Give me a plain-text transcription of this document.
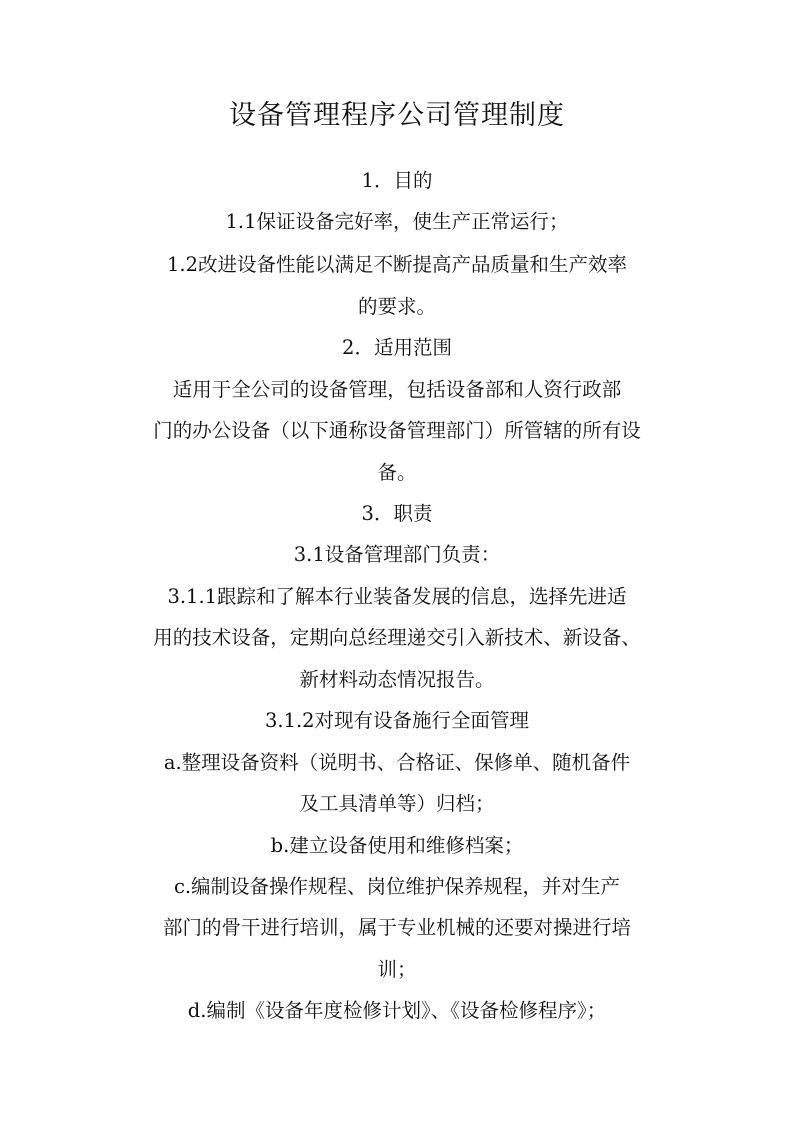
设备管理程序公司管理制度
1．目的
1.1保证设备完好率，使生产正常运行；
1.2改进设备性能以满足不断提高产品质量和生产效率
的要求。
2．适用范围
适用于全公司的设备管理，包括设备部和人资行政部
门的办公设备（以下通称设备管理部门）所管辖的所有设
备。
3．职责
3.1设备管理部门负责：
3.1.1跟踪和了解本行业装备发展的信息，选择先进适
用的技术设备，定期向总经理递交引入新技术、新设备、
新材料动态情况报告。
3.1.2对现有设备施行全面管理
a.整理设备资料（说明书、合格证、保修单、随机备件
及工具清单等）归档；
b.建立设备使用和维修档案；
c.编制设备操作规程、岗位维护保养规程，并对生产
部门的骨干进行培训，属于专业机械的还要对操进行培
训；
d.编制《设备年度检修计划》、《设备检修程序》；
